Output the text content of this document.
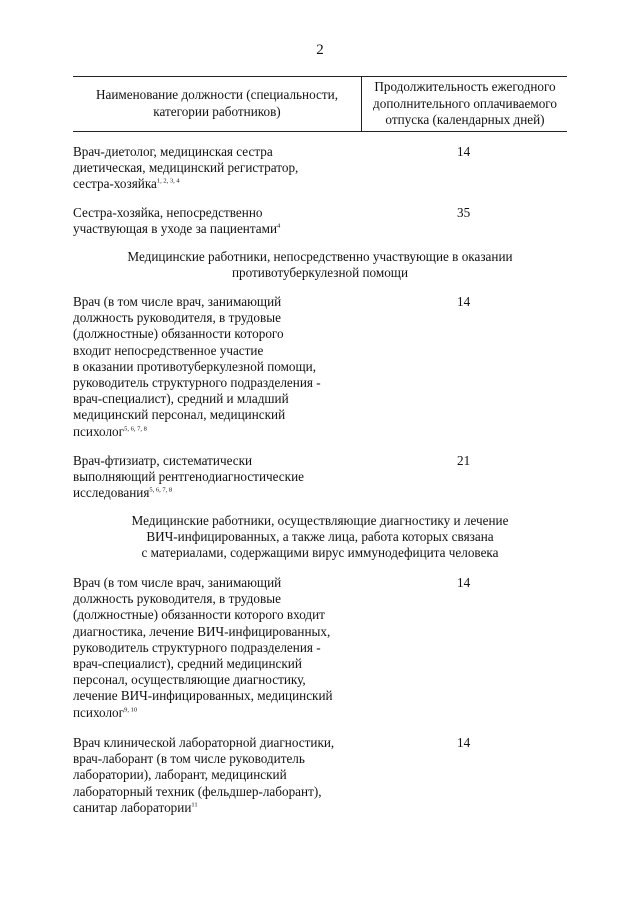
2
Наименование должности (специальности, категории работников)
Продолжительность ежегодного дополнительного оплачиваемого отпуска (календарных дней)
Врач-диетолог, медицинская сестра
диетическая, медицинский регистратор,
сестра-хозяйка$^{1, 2, 3, 4}$
14
Сестра-хозяйка, непосредственно
участвующая в уходе за пациентами$^4$
35
Медицинские работники, непосредственно участвующие в оказании
противотуберкулезной помощи
Врач (в том числе врач, занимающий
должность руководителя, в трудовые
(должностные) обязанности которого
входит непосредственное участие
в оказании противотуберкулезной помощи,
руководитель структурного подразделения -
врач-специалист), средний и младший
медицинский персонал, медицинский
психолог$^{5, 6, 7, 8}$
14
Врач-фтизиатр, систематически
выполняющий рентгенодиагностические
исследования$^{5, 6, 7, 8}$
21
Медицинские работники, осуществляющие диагностику и лечение
ВИЧ-инфицированных, а также лица, работа которых связана
с материалами, содержащими вирус иммунодефицита человека
Врач (в том числе врач, занимающий
должность руководителя, в трудовые
(должностные) обязанности которого входит
диагностика, лечение ВИЧ-инфицированных,
руководитель структурного подразделения -
врач-специалист), средний медицинский
персонал, осуществляющие диагностику,
лечение ВИЧ-инфицированных, медицинский
психолог$^{9, 10}$
14
Врач клинической лабораторной диагностики,
врач-лаборант (в том числе руководитель
лаборатории), лаборант, медицинский
лабораторный техник (фельдшер-лаборант),
санитар лаборатории$^{11}$
14
